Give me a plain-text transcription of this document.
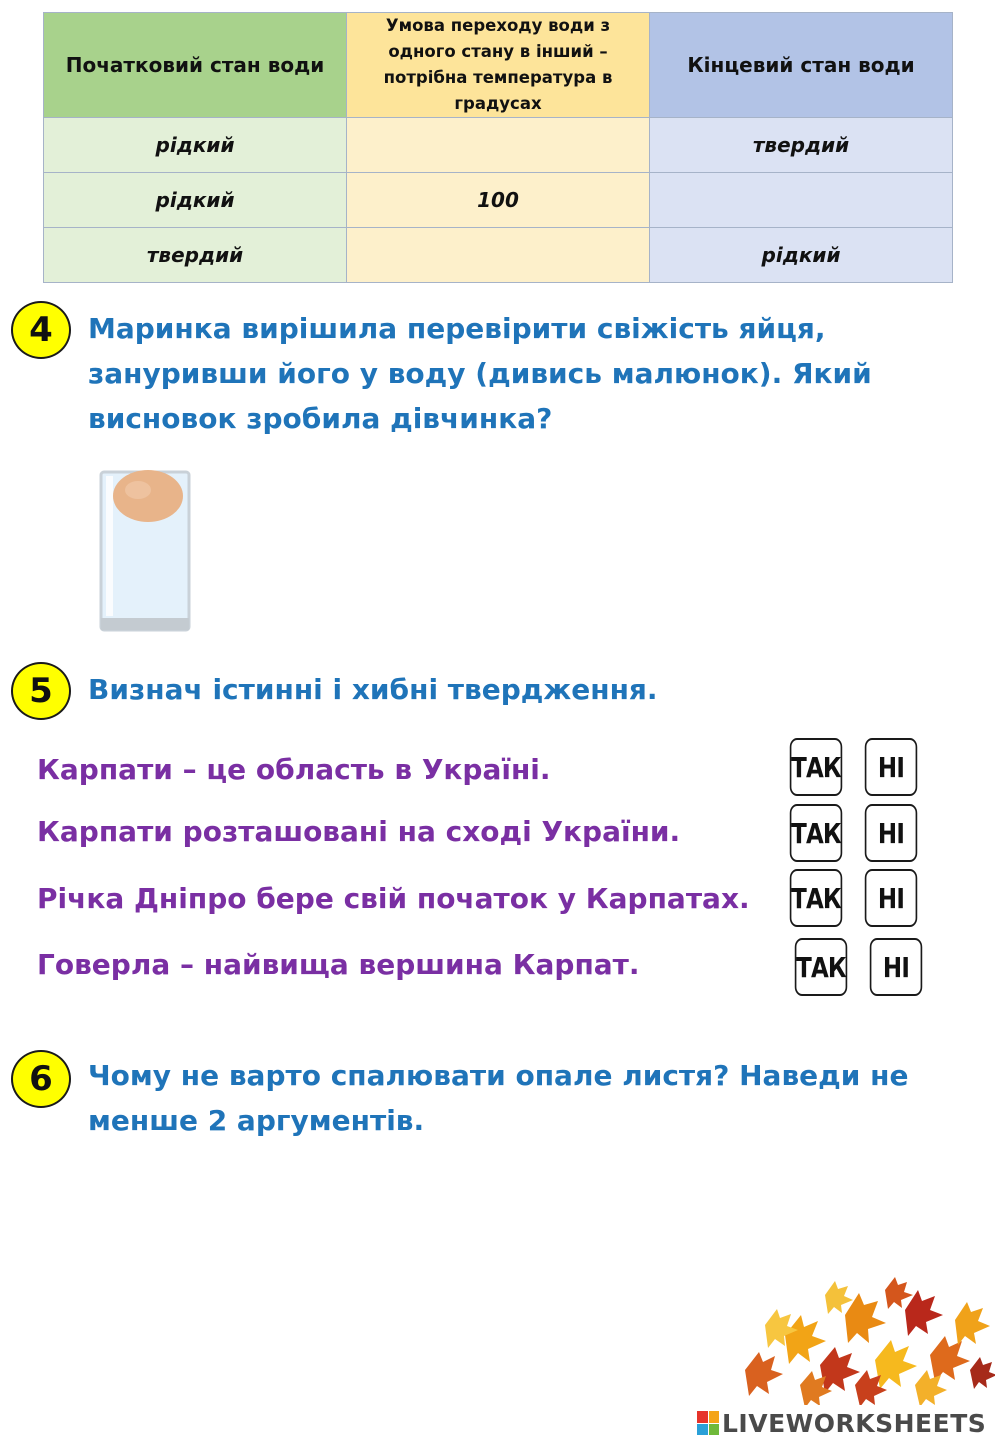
Початковий стан води	Умова переходу води з одного стану в інший – потрібна температура в градусах	Кінцевий стан води
рідкий		твердий
рідкий	100	
твердий		рідкий
4	Маринка вирішила перевірити свіжість яйця, зануривши його у воду (дивись малюнок). Який висновок зробила дівчинка?

5	Визнач істинні і хибні твердження.

Карпати – це область в Україні.	ТАК	НІ

Карпати розташовані на сході України.	ТАК	НІ

Річка Дніпро бере свій початок у Карпатах. ТАК	НІ

Говерла – найвища вершина Карпат.	ТАК	НІ
6	Чому не варто спалювати опале листя? Наведи не менше 2 аргументів.

LIVEWORKSHEETS
